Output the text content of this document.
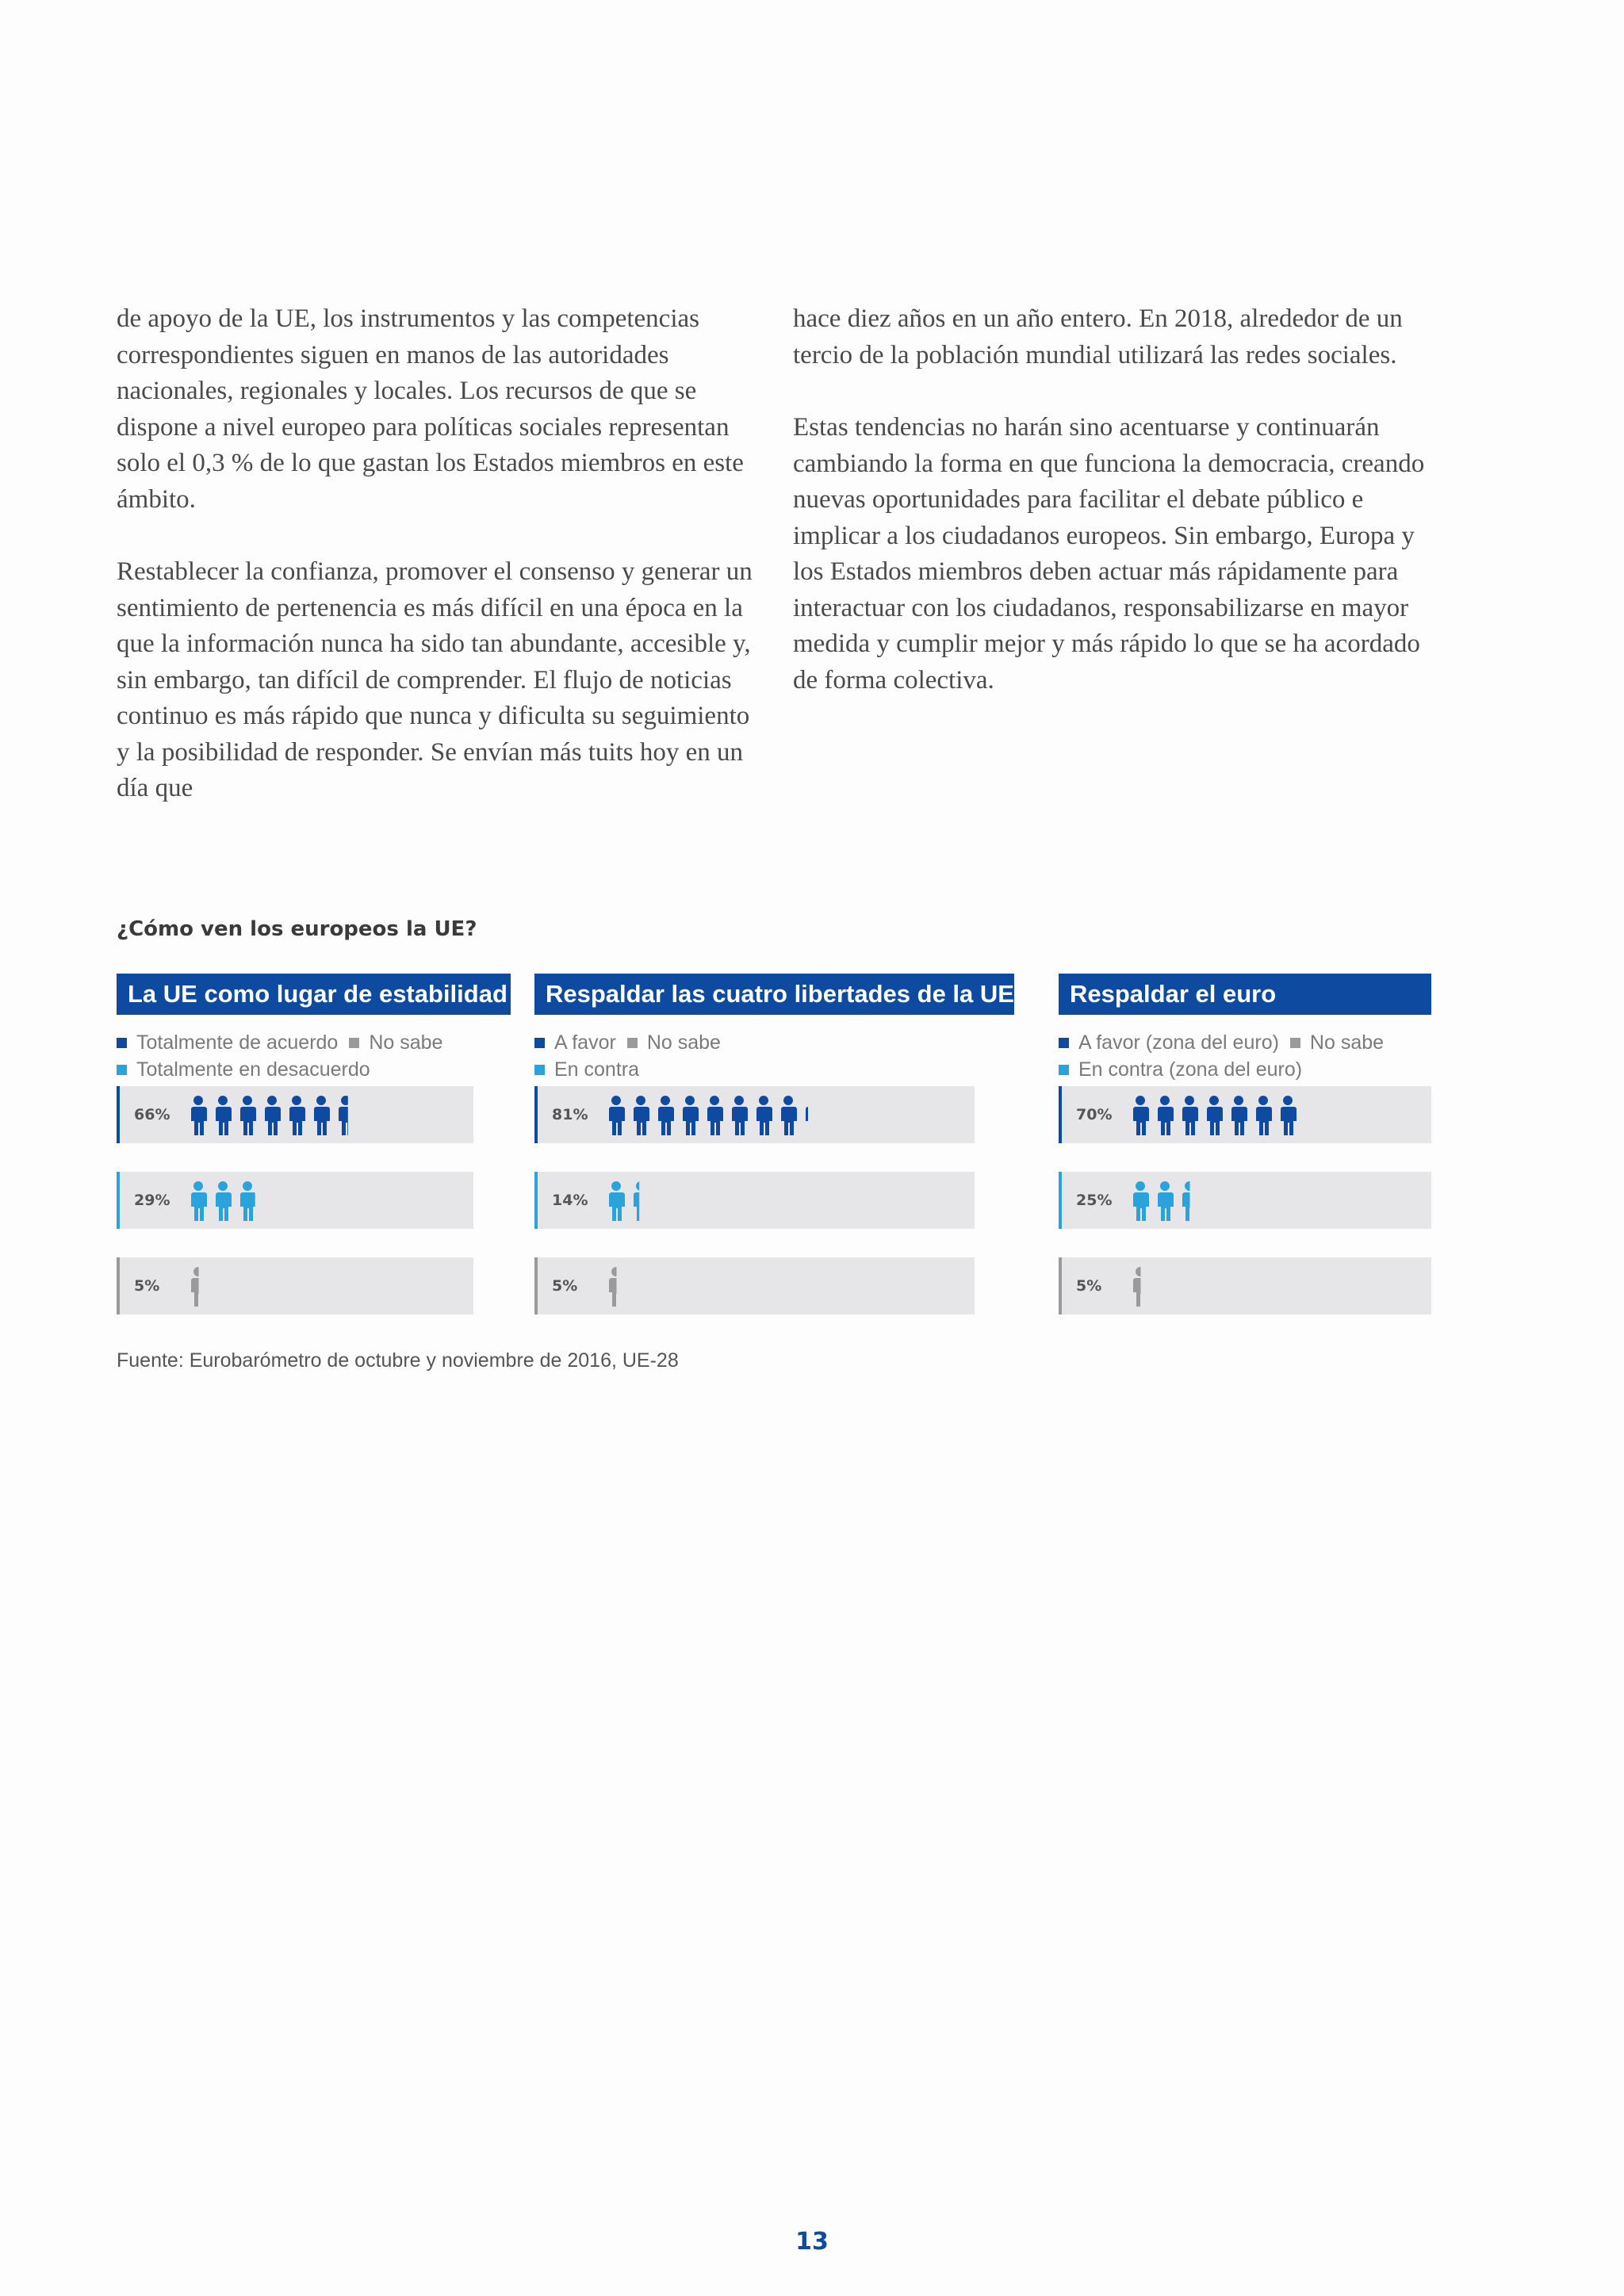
de apoyo de la UE, los instrumentos y las competencias correspondientes siguen en manos de las autoridades nacionales, regionales y locales. Los recursos de que se dispone a nivel europeo para políticas sociales representan solo el 0,3 % de lo que gastan los Estados miembros en este ámbito.

Restablecer la confianza, promover el consenso y generar un sentimiento de pertenencia es más difícil en una época en la que la información nunca ha sido tan abundante, accesible y, sin embargo, tan difícil de comprender. El flujo de noticias continuo es más rápido que nunca y dificulta su seguimiento y la posibilidad de responder. Se envían más tuits hoy en un día que

hace diez años en un año entero. En 2018, alrededor de un tercio de la población mundial utilizará las redes sociales.

Estas tendencias no harán sino acentuarse y continuarán cambiando la forma en que funciona la democracia, creando nuevas oportunidades para facilitar el debate público e implicar a los ciudadanos europeos. Sin embargo, Europa y los Estados miembros deben actuar más rápidamente para interactuar con los ciudadanos, responsabilizarse en mayor medida y cumplir mejor y más rápido lo que se ha acordado de forma colectiva.

¿Cómo ven los europeos la UE?
La UE como lugar de estabilidad
Totalmente de acuerdo No sabe
Totalmente en desacuerdo
66%
29%
5%
Respaldar las cuatro libertades de la UE
A favor No sabe
En contra
81%
14%
5%
Respaldar el euro
A favor (zona del euro) No sabe
En contra (zona del euro)
70%
25%
5%
Fuente: Eurobarómetro de octubre y noviembre de 2016, UE-28
13
